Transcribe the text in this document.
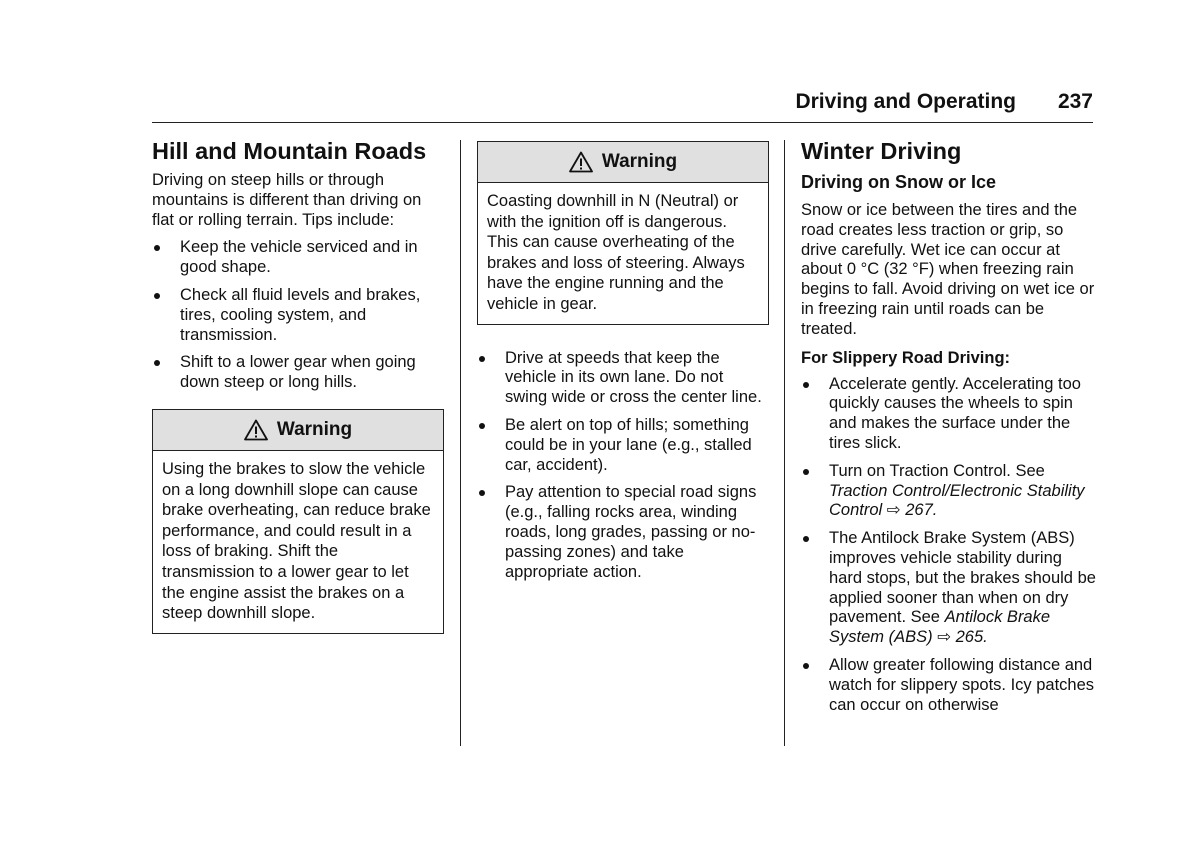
Driving and Operating 237
Hill and Mountain Roads

Driving on steep hills or through mountains is different than driving on flat or rolling terrain. Tips include:

Keep the vehicle serviced and in good shape.
Check all fluid levels and brakes, tires, cooling system, and transmission.
Shift to a lower gear when going down steep or long hills.
Warning
Using the brakes to slow the vehicle on a long downhill slope can cause brake overheating, can reduce brake performance, and could result in a loss of braking. Shift the transmission to a lower gear to let the engine assist the brakes on a steep downhill slope.
Warning
Coasting downhill in N (Neutral) or with the ignition off is dangerous. This can cause overheating of the brakes and loss of steering. Always have the engine running and the vehicle in gear.
Drive at speeds that keep the vehicle in its own lane. Do not swing wide or cross the center line.
Be alert on top of hills; something could be in your lane (e.g., stalled car, accident).
Pay attention to special road signs (e.g., falling rocks area, winding roads, long grades, passing or no-passing zones) and take appropriate action.
Winter Driving
Driving on Snow or Ice

Snow or ice between the tires and the road creates less traction or grip, so drive carefully. Wet ice can occur at about 0 °C (32 °F) when freezing rain begins to fall. Avoid driving on wet ice or in freezing rain until roads can be treated.

For Slippery Road Driving:
Accelerate gently. Accelerating too quickly causes the wheels to spin and makes the surface under the tires slick.
Turn on Traction Control. See Traction Control/Electronic Stability Control ⇨ 267.
The Antilock Brake System (ABS) improves vehicle stability during hard stops, but the brakes should be applied sooner than when on dry pavement. See Antilock Brake System (ABS) ⇨ 265.
Allow greater following distance and watch for slippery spots. Icy patches can occur on otherwise
